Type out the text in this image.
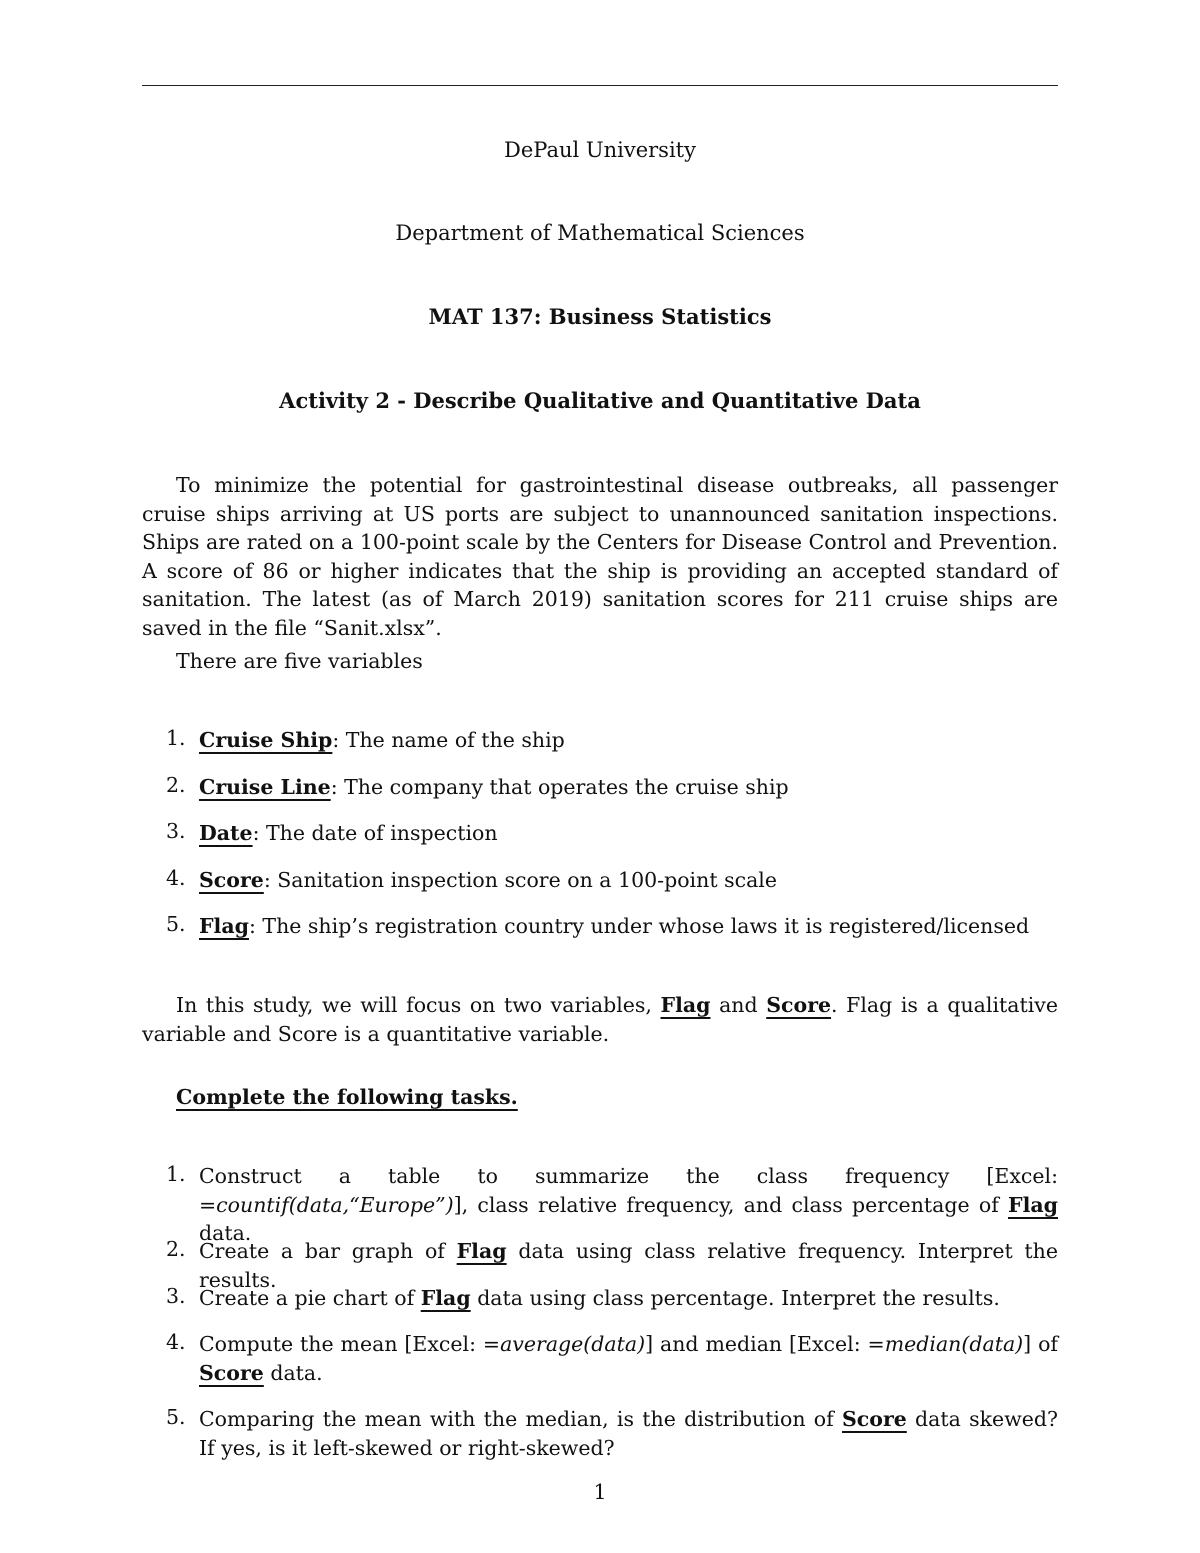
DePaul University
Department of Mathematical Sciences
MAT 137: Business Statistics
Activity 2 - Describe Qualitative and Quantitative Data
To minimize the potential for gastrointestinal disease outbreaks, all passenger cruise ships arriving at US ports are subject to unannounced sanitation inspections. Ships are rated on a 100-point scale by the Centers for Disease Control and Prevention. A score of 86 or higher indicates that the ship is providing an accepted standard of sanitation. The latest (as of March 2019) sanitation scores for 211 cruise ships are saved in the file “Sanit.xlsx”.
There are five variables
1. Cruise Ship: The name of the ship
2. Cruise Line: The company that operates the cruise ship
3. Date: The date of inspection
4. Score: Sanitation inspection score on a 100-point scale
5. Flag: The ship’s registration country under whose laws it is registered/licensed
In this study, we will focus on two variables, Flag and Score. Flag is a qualitative variable and Score is a quantitative variable.
Complete the following tasks.
1. Construct a table to summarize the class frequency [Excel: =countif(data,“Europe”)], class relative frequency, and class percentage of Flag data.
2. Create a bar graph of Flag data using class relative frequency. Interpret the results.
3. Create a pie chart of Flag data using class percentage. Interpret the results.
4. Compute the mean [Excel: =average(data)] and median [Excel: =median(data)] of Score data.
5. Comparing the mean with the median, is the distribution of Score data skewed? If yes, is it left-skewed or right-skewed?
1
